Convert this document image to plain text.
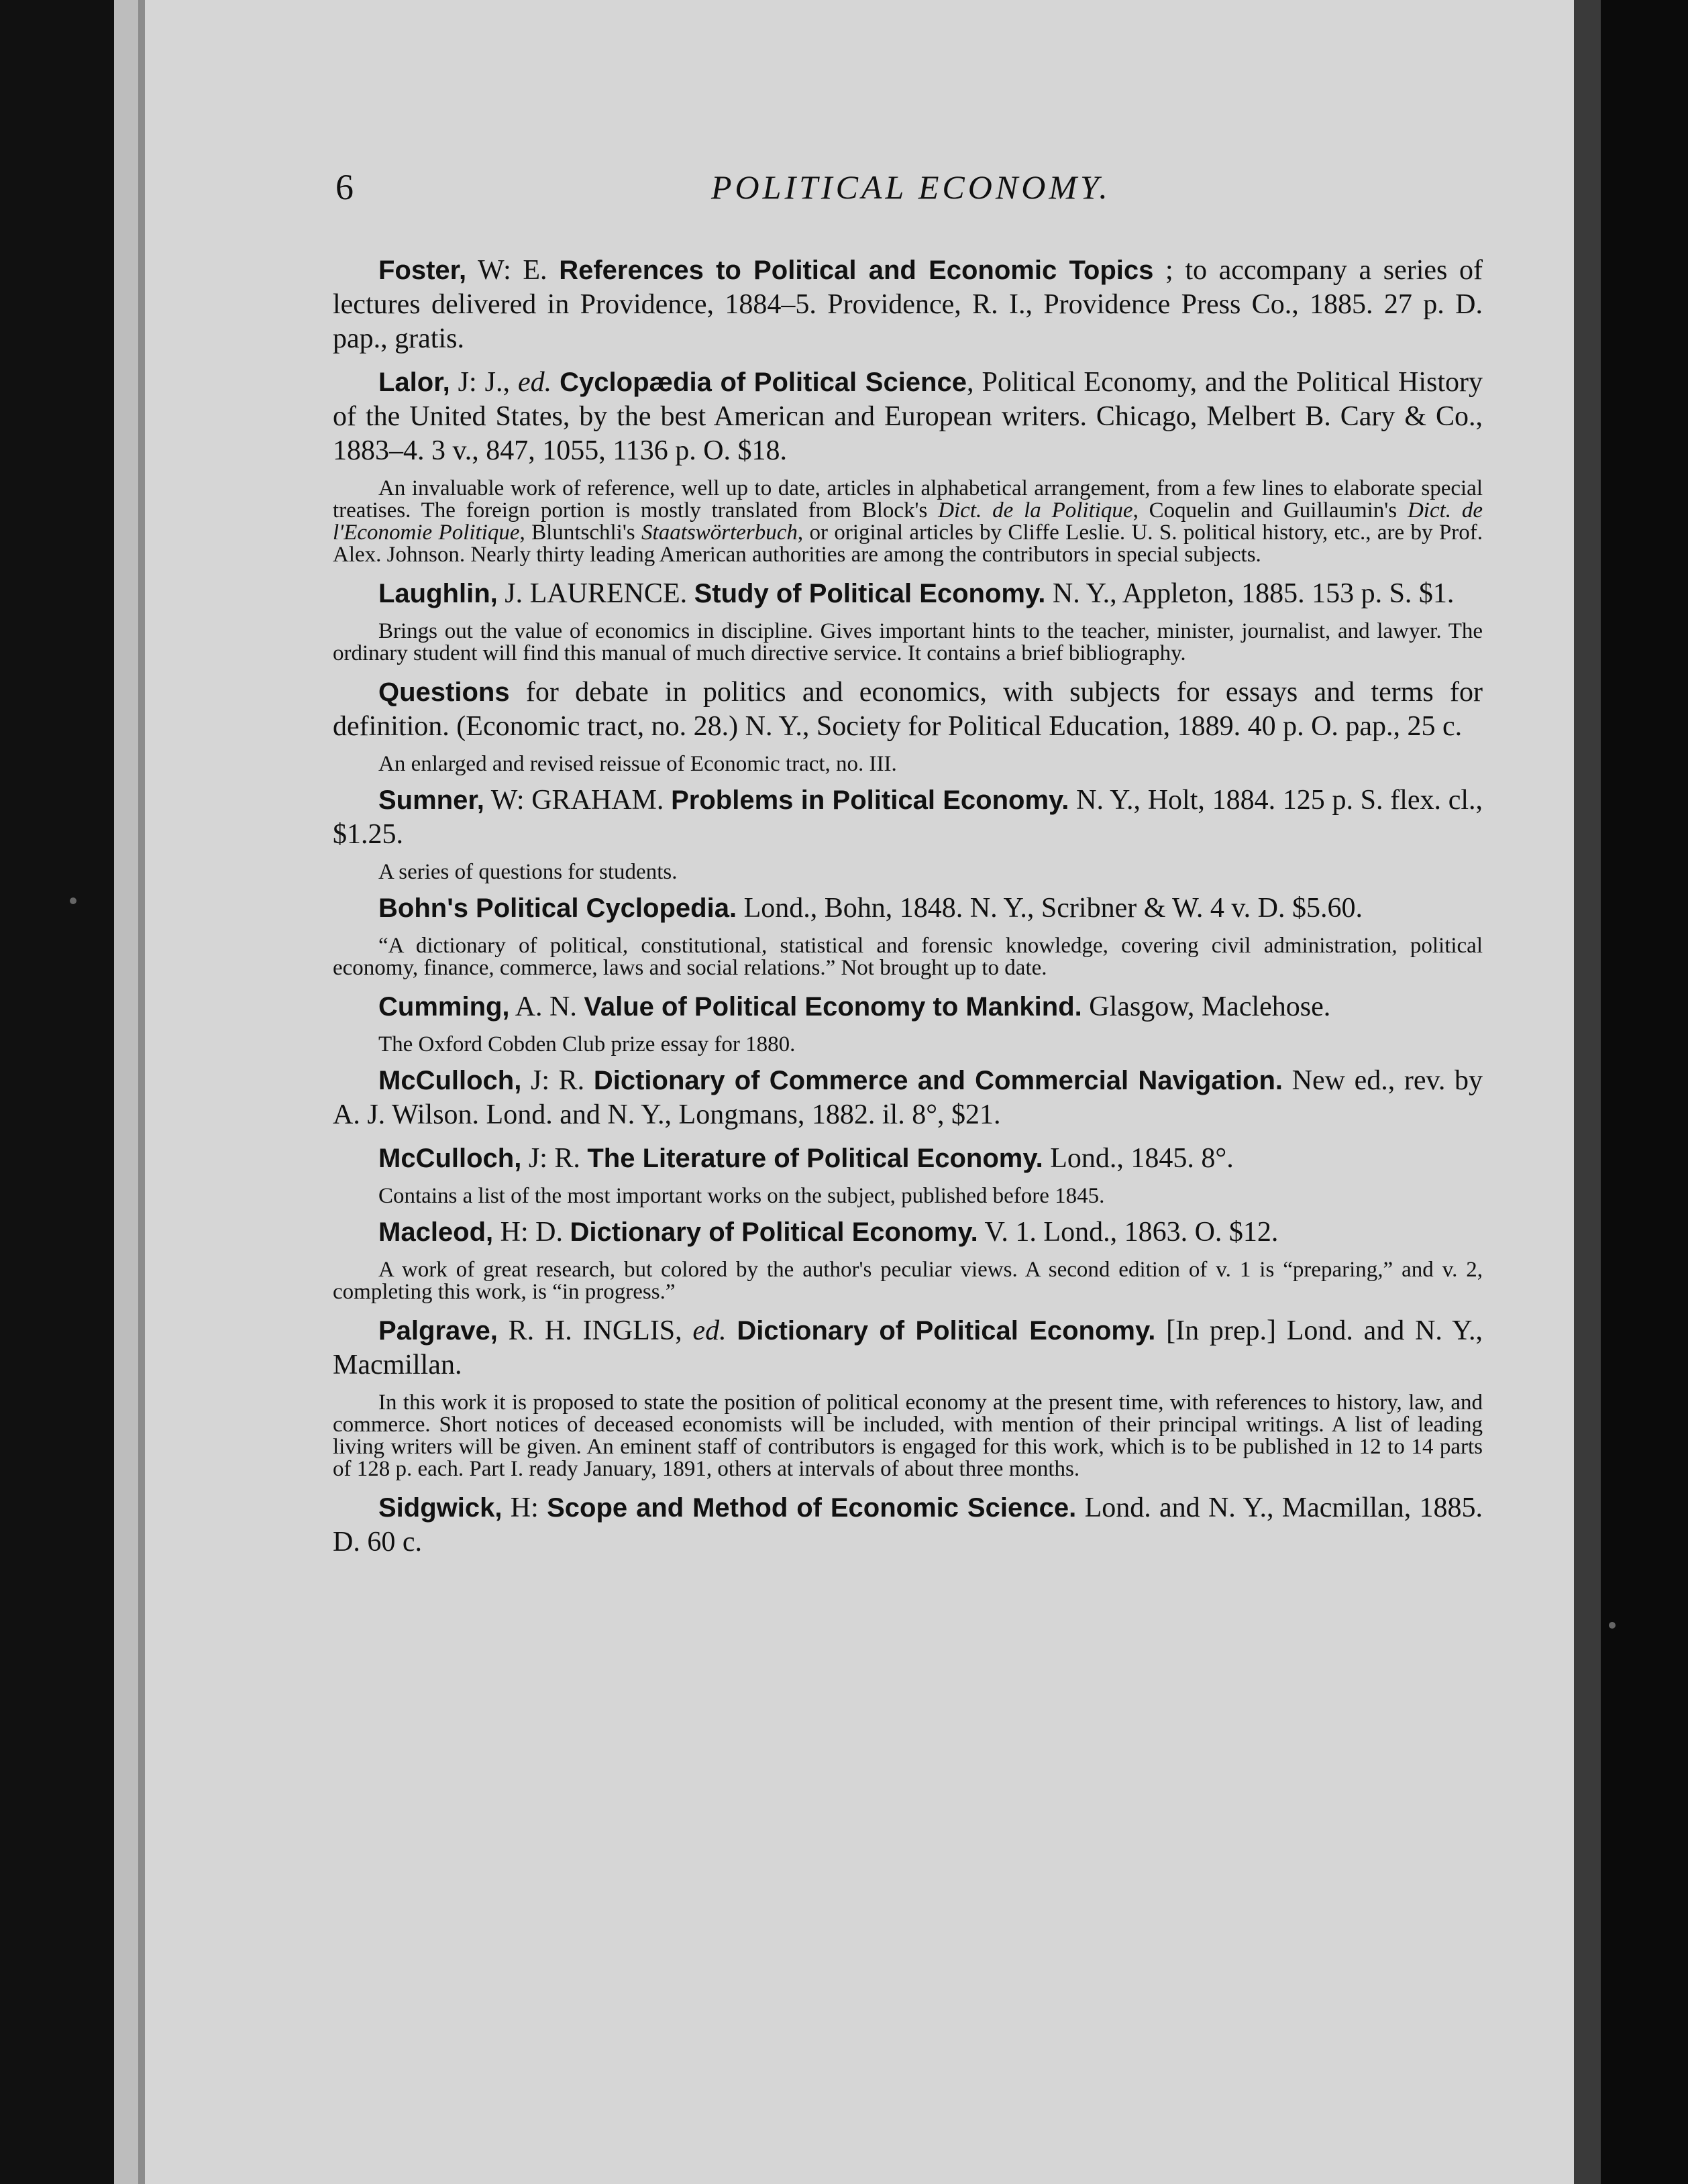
6	POLITICAL ECONOMY.

Foster, W: E. References to Political and Economic Topics ; to accompany a series of lectures delivered in Providence, 1884–5. Providence, R. I., Providence Press Co., 1885. 27 p. D. pap., gratis.

Lalor, J: J., ed. Cyclopædia of Political Science, Political Economy, and the Political History of the United States, by the best American and European writers. Chicago, Melbert B. Cary & Co., 1883–4. 3 v., 847, 1055, 1136 p. O. $18.

An invaluable work of reference, well up to date, articles in alphabetical arrangement, from a few lines to elaborate special treatises. The foreign portion is mostly translated from Block's Dict. de la Politique, Coquelin and Guillaumin's Dict. de l'Economie Politique, Bluntschli's Staatswörterbuch, or original articles by Cliffe Leslie. U. S. political history, etc., are by Prof. Alex. Johnson. Nearly thirty leading American authorities are among the contributors in special subjects.

Laughlin, J. LAURENCE. Study of Political Economy. N. Y., Appleton, 1885. 153 p. S. $1.

Brings out the value of economics in discipline. Gives important hints to the teacher, minister, journalist, and lawyer. The ordinary student will find this manual of much directive service. It contains a brief bibliography.

Questions for debate in politics and economics, with subjects for essays and terms for definition. (Economic tract, no. 28.) N. Y., Society for Political Education, 1889. 40 p. O. pap., 25 c.

An enlarged and revised reissue of Economic tract, no. III.

Sumner, W: GRAHAM. Problems in Political Economy. N. Y., Holt, 1884. 125 p. S. flex. cl., $1.25.

A series of questions for students.

Bohn's Political Cyclopedia. Lond., Bohn, 1848. N. Y., Scribner & W. 4 v. D. $5.60.

“A dictionary of political, constitutional, statistical and forensic knowledge, covering civil administration, political economy, finance, commerce, laws and social relations.” Not brought up to date.

Cumming, A. N. Value of Political Economy to Mankind. Glasgow, Maclehose.

The Oxford Cobden Club prize essay for 1880.

McCulloch, J: R. Dictionary of Commerce and Commercial Navigation. New ed., rev. by A. J. Wilson. Lond. and N. Y., Longmans, 1882. il. 8°, $21.

McCulloch, J: R. The Literature of Political Economy. Lond., 1845. 8°.

Contains a list of the most important works on the subject, published before 1845.

Macleod, H: D. Dictionary of Political Economy. V. 1. Lond., 1863. O. $12.

A work of great research, but colored by the author's peculiar views. A second edition of v. 1 is “preparing,” and v. 2, completing this work, is “in progress.”

Palgrave, R. H. INGLIS, ed. Dictionary of Political Economy. [In prep.] Lond. and N. Y., Macmillan.

In this work it is proposed to state the position of political economy at the present time, with references to history, law, and commerce. Short notices of deceased economists will be included, with mention of their principal writings. A list of leading living writers will be given. An eminent staff of contributors is engaged for this work, which is to be published in 12 to 14 parts of 128 p. each. Part I. ready January, 1891, others at intervals of about three months.

Sidgwick, H: Scope and Method of Economic Science. Lond. and N. Y., Macmillan, 1885. D. 60 c.
